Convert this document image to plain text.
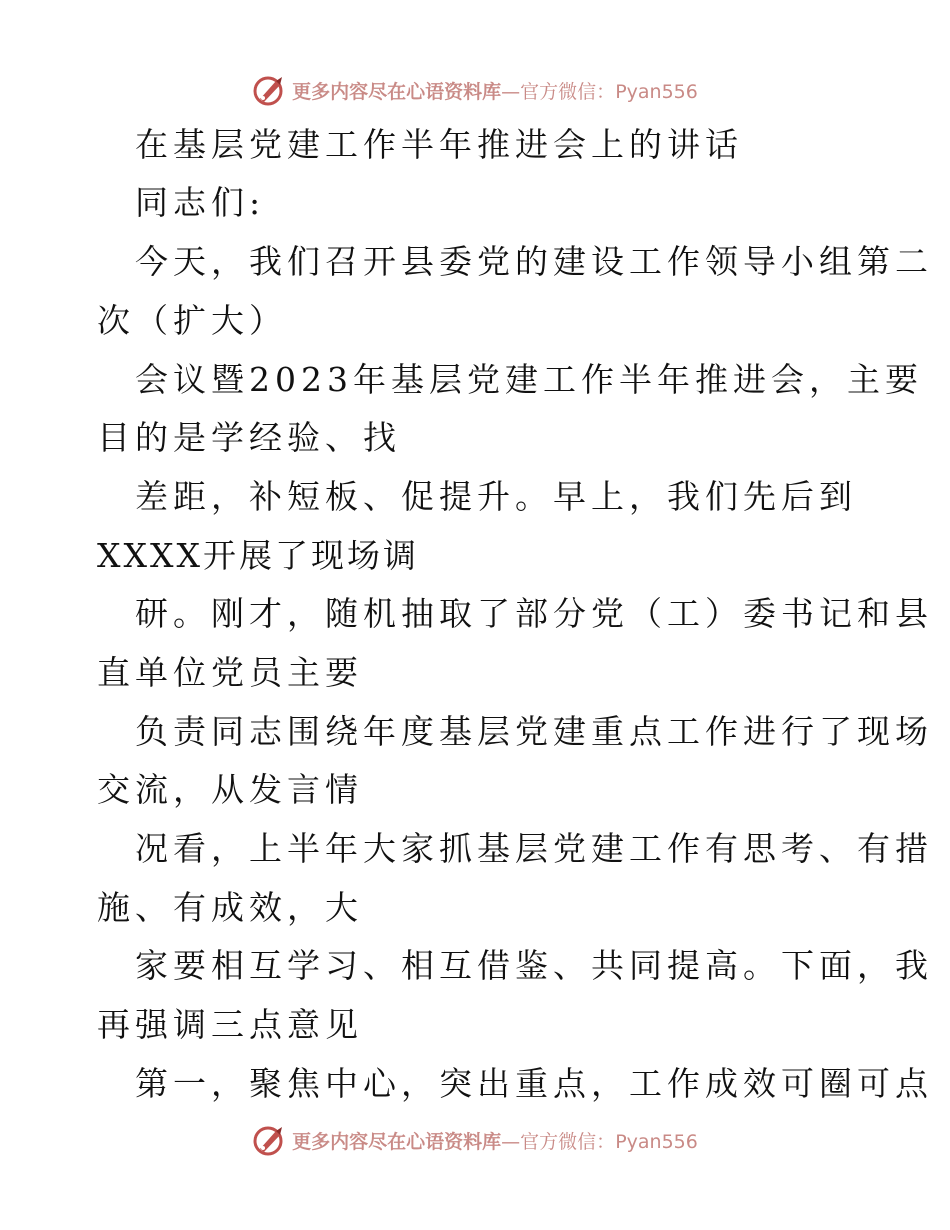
更多内容尽在心语资料库—官方微信：Pyan556
在基层党建工作半年推进会上的讲话
同志们:
今天，我们召开县委党的建设工作领导小组第二
次（扩大）
会议暨2023年基层党建工作半年推进会，主要
目的是学经验、找
差距，补短板、促提升。早上，我们先后到
XXXX开展了现场调
研。刚才，随机抽取了部分党（工）委书记和县
直单位党员主要
负责同志围绕年度基层党建重点工作进行了现场
交流，从发言情
况看，上半年大家抓基层党建工作有思考、有措
施、有成效，大
家要相互学习、相互借鉴、共同提高。下面，我
再强调三点意见
第一，聚焦中心，突出重点，工作成效可圈可点
更多内容尽在心语资料库—官方微信：Pyan556
